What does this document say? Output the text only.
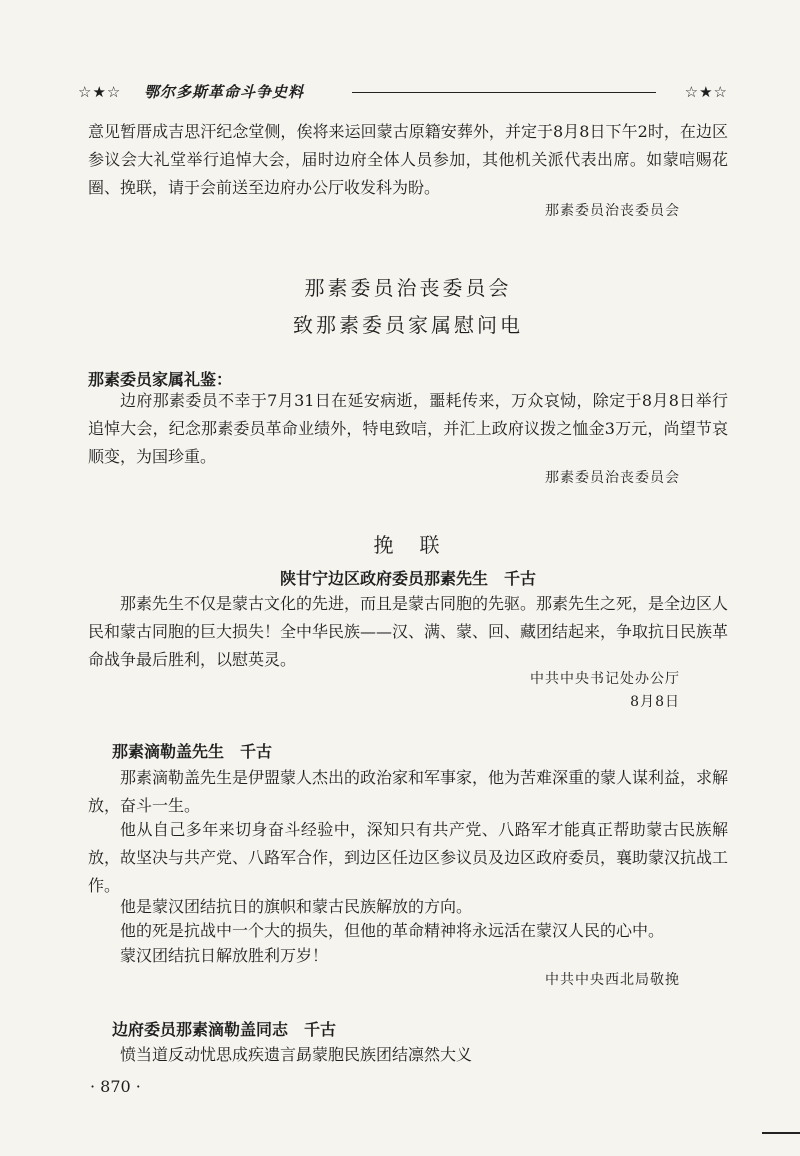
☆★☆ 鄂尔多斯革命斗争史料	☆★☆
意见暂厝成吉思汗纪念堂侧，俟将来运回蒙古原籍安葬外，并定于8月8日下午2时，在边区参议会大礼堂举行追悼大会，届时边府全体人员参加，其他机关派代表出席。如蒙唁赐花圈、挽联，请于会前送至边府办公厅收发科为盼。
那素委员治丧委员会
那素委员治丧委员会
致那素委员家属慰问电
那素委员家属礼鉴：
边府那素委员不幸于7月31日在延安病逝，噩耗传来，万众哀恸，除定于8月8日举行追悼大会，纪念那素委员革命业绩外，特电致唁，并汇上政府议拨之恤金3万元，尚望节哀顺变，为国珍重。
那素委员治丧委员会
挽　联
陕甘宁边区政府委员那素先生　千古
那素先生不仅是蒙古文化的先进，而且是蒙古同胞的先驱。那素先生之死，是全边区人民和蒙古同胞的巨大损失！全中华民族——汉、满、蒙、回、藏团结起来，争取抗日民族革命战争最后胜利，以慰英灵。
中共中央书记处办公厅
8月8日
那素滴勒盖先生　千古
那素滴勒盖先生是伊盟蒙人杰出的政治家和军事家，他为苦难深重的蒙人谋利益，求解放，奋斗一生。
他从自己多年来切身奋斗经验中，深知只有共产党、八路军才能真正帮助蒙古民族解放，故坚决与共产党、八路军合作，到边区任边区参议员及边区政府委员，襄助蒙汉抗战工作。
他是蒙汉团结抗日的旗帜和蒙古民族解放的方向。
他的死是抗战中一个大的损失，但他的革命精神将永远活在蒙汉人民的心中。
蒙汉团结抗日解放胜利万岁！
中共中央西北局敬挽
边府委员那素滴勒盖同志　千古
愤当道反动忧思成疾遗言勗蒙胞民族团结凛然大义
· 870 ·
